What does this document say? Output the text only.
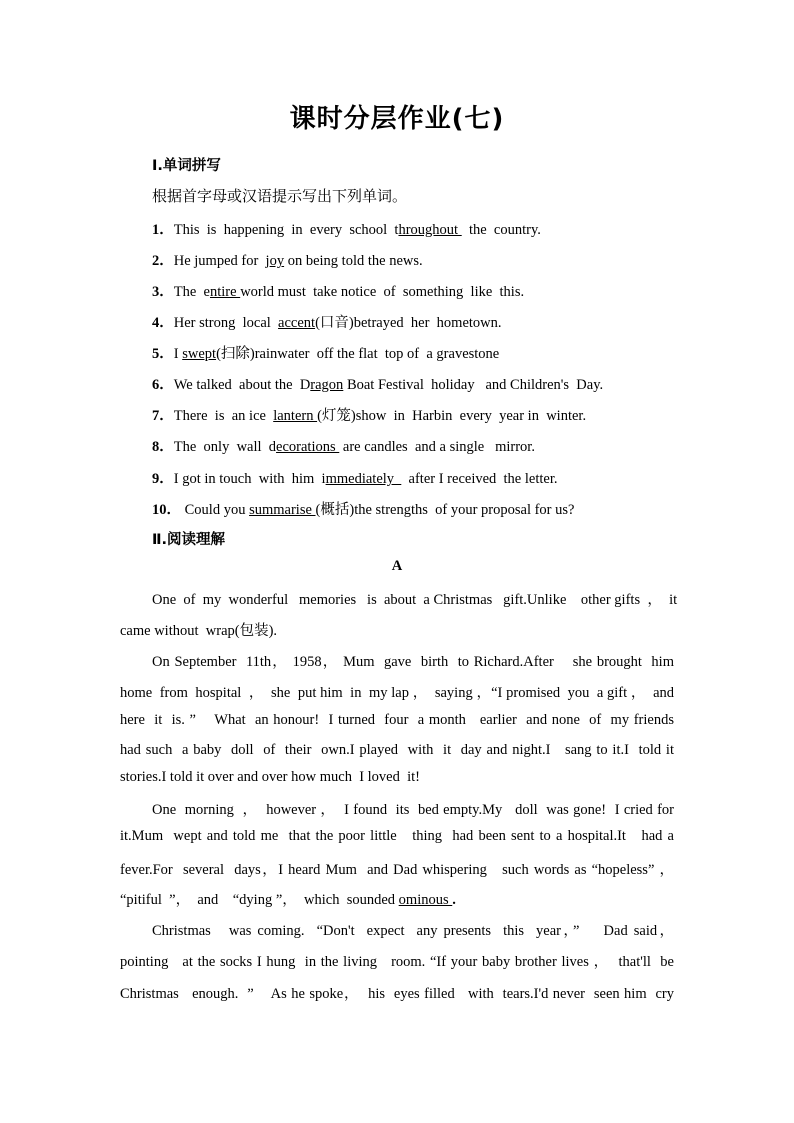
课时分层作业(七)
Ⅰ.单词拼写
根据首字母或汉语提示写出下列单词。
1．This  is  happening  in  every  school  throughout   the  country.
2．He jumped for  joy on being told the news.
3．The  entire world must  take notice  of  something  like  this.
4．Her strong  local  accent(口音)betrayed  her  hometown.
5．I swept(扫除)rainwater  off the flat  top of  a gravestone
6．We talked  about the  Dragon Boat Festival  holiday   and Children's  Day.
7．There  is  an ice  lantern (灯笼)show  in  Harbin  every  year in  winter.
8．The  only  wall  decorations  are candles  and a single   mirror.
9．I got in touch  with  him  immediately    after I received  the letter.
10． Could you summarise (概括)the strengths  of your proposal for us?
Ⅱ.阅读理解
A
One  of  my  wonderful   memories   is  about  a Christmas   gift.Unlike    other gifts  ，  it
came without  wrap(包装).
On September  11th， 1958， Mum  gave  birth  to Richard.After    she brought  him
home  from  hospital  ，  she  put him  in  my lap ，  saying ，“I promised  you  a gift ，  and
here  it  is. ”    What  an honour!  I turned  four  a month   earlier  and none  of  my friends
had such  a baby  doll  of  their  own.I played  with  it  day and night.I   sang to it.I  told it
stories.I told it over and over how much  I loved  it!
One  morning  ，  however ，  I found  its  bed empty.My   doll  was gone!  I cried for
it.Mum  wept and told me  that the poor little   thing  had been sent to a hospital.It   had a
fever.For  several  days，I heard Mum  and Dad whispering   such words as “hopeless” ，
“pitiful  ”，  and    “dying ”，  which  sounded ominous .
Christmas   was coming.  “Don't  expect  any presents  this  year，”    Dad said，
pointing   at the socks I hung  in the living   room. “If your baby brother lives ，  that'll  be
Christmas   enough.  ”    As he spoke，  his  eyes filled   with  tears.I'd never  seen him  cry
